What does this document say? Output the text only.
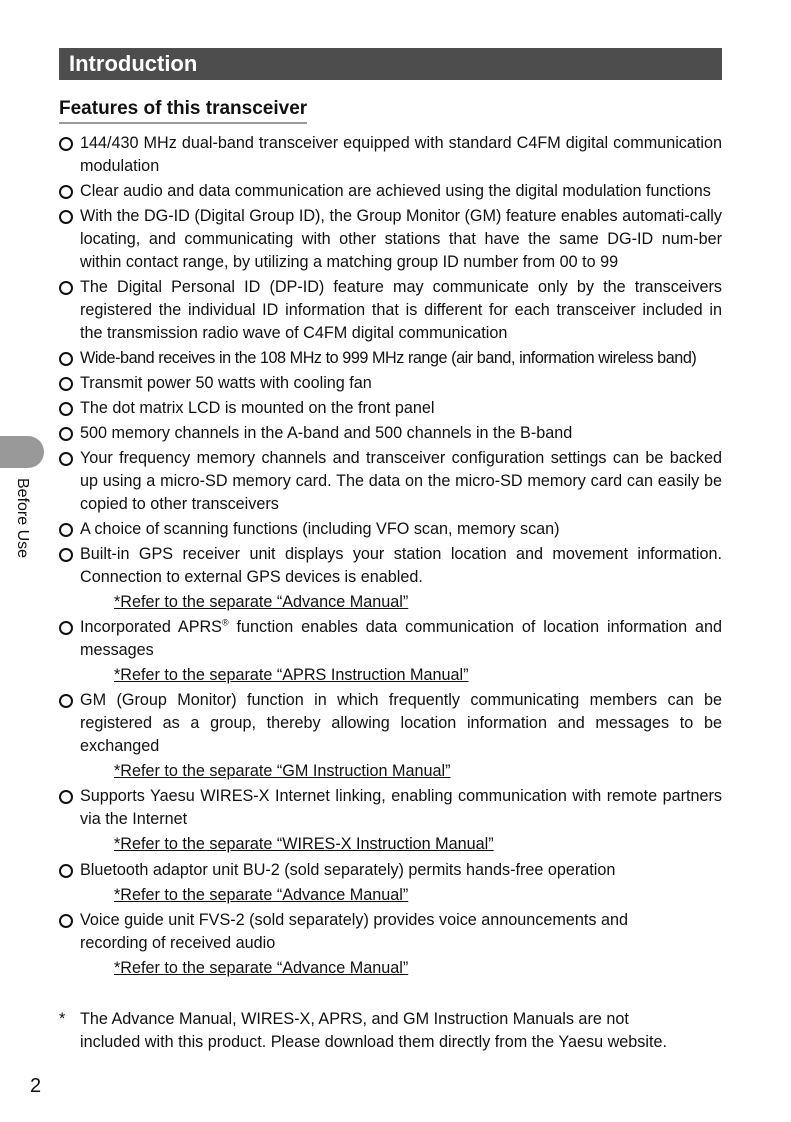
Introduction
Features of this transceiver
144/430 MHz dual-band transceiver equipped with standard C4FM digital communication modulation
Clear audio and data communication are achieved using the digital modulation functions
With the DG-ID (Digital Group ID), the Group Monitor (GM) feature enables automati-cally locating, and communicating with other stations that have the same DG-ID num-ber within contact range, by utilizing a matching group ID number from 00 to 99
The Digital Personal ID (DP-ID) feature may communicate only by the transceivers registered the individual ID information that is different for each transceiver included in the transmission radio wave of C4FM digital communication
Wide-band receives in the 108 MHz to 999 MHz range (air band, information wireless band)
Transmit power 50 watts with cooling fan
The dot matrix LCD is mounted on the front panel
500 memory channels in the A-band and 500 channels in the B-band
Your frequency memory channels and transceiver configuration settings can be backed up using a micro-SD memory card. The data on the micro-SD memory card can easily be copied to other transceivers
A choice of scanning functions (including VFO scan, memory scan)
Built-in GPS receiver unit displays your station location and movement information. Connection to external GPS devices is enabled.
*Refer to the separate “Advance Manual”
Incorporated APRS® function enables data communication of location information and messages
*Refer to the separate “APRS Instruction Manual”
GM (Group Monitor) function in which frequently communicating members can be registered as a group, thereby allowing location information and messages to be exchanged
*Refer to the separate “GM Instruction Manual”
Supports Yaesu WIRES-X Internet linking, enabling communication with remote partners via the Internet
*Refer to the separate “WIRES-X Instruction Manual”
Bluetooth adaptor unit BU-2 (sold separately) permits hands-free operation
*Refer to the separate “Advance Manual”
Voice guide unit FVS-2 (sold separately) provides voice announcements and recording of received audio
*Refer to the separate “Advance Manual”
* The Advance Manual, WIRES-X, APRS, and GM Instruction Manuals are not included with this product. Please download them directly from the Yaesu website.
Before Use
2
